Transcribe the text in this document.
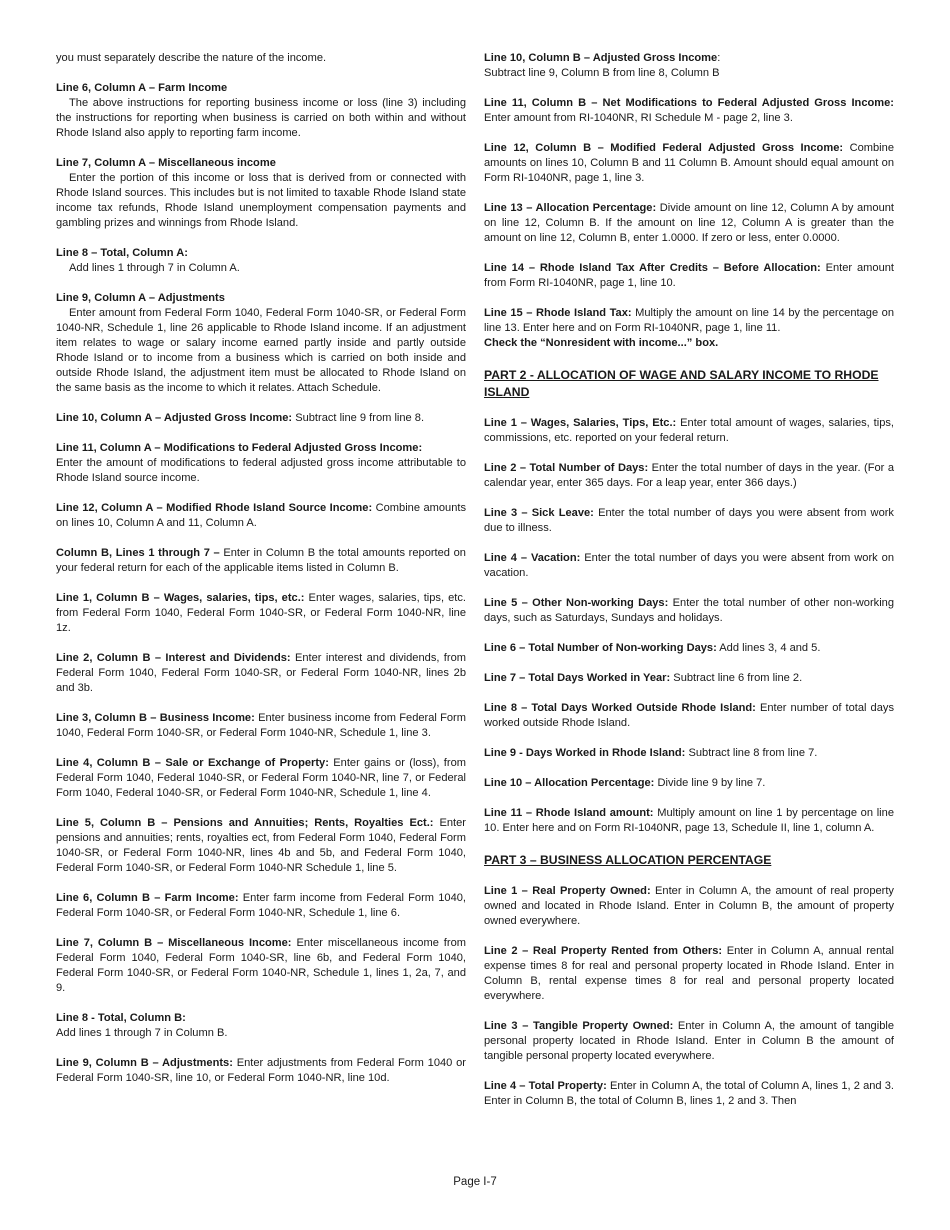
you must separately describe the nature of the income.

Line 6, Column A – Farm Income
The above instructions for reporting business income or loss (line 3) including the instructions for reporting when business is carried on both within and without Rhode Island also apply to reporting farm income.

Line 7, Column A – Miscellaneous income
Enter the portion of this income or loss that is derived from or connected with Rhode Island sources. This includes but is not limited to taxable Rhode Island state income tax refunds, Rhode Island unemployment compensation payments and gambling prizes and winnings from Rhode Island.

Line 8 – Total, Column A:
Add lines 1 through 7 in Column A.

Line 9, Column A – Adjustments
Enter amount from Federal Form 1040, Federal Form 1040-SR, or Federal Form 1040-NR, Schedule 1, line 26 applicable to Rhode Island income. If an adjustment item relates to wage or salary income earned partly inside and partly outside Rhode Island or to income from a business which is carried on both inside and outside Rhode Island, the adjustment item must be allocated to Rhode Island on the same basis as the income to which it relates. Attach Schedule.

Line 10, Column A – Adjusted Gross Income: Subtract line 9 from line 8.

Line 11, Column A – Modifications to Federal Adjusted Gross Income:
Enter the amount of modifications to federal adjusted gross income attributable to Rhode Island source income.

Line 12, Column A – Modified Rhode Island Source Income: Combine amounts on lines 10, Column A and 11, Column A.

Column B, Lines 1 through 7 – Enter in Column B the total amounts reported on your federal return for each of the applicable items listed in Column B.

Line 1, Column B – Wages, salaries, tips, etc.: Enter wages, salaries, tips, etc. from Federal Form 1040, Federal Form 1040-SR, or Federal Form 1040-NR, line 1z.

Line 2, Column B – Interest and Dividends: Enter interest and dividends, from Federal Form 1040, Federal Form 1040-SR, or Federal Form 1040-NR, lines 2b and 3b.

Line 3, Column B – Business Income: Enter business income from Federal Form 1040, Federal Form 1040-SR, or Federal Form 1040-NR, Schedule 1, line 3.

Line 4, Column B – Sale or Exchange of Property: Enter gains or (loss), from Federal Form 1040, Federal 1040-SR, or Federal Form 1040-NR, line 7, or Federal Form 1040, Federal 1040-SR, or Federal Form 1040-NR, Schedule 1, line 4.

Line 5, Column B – Pensions and Annuities; Rents, Royalties Ect.: Enter pensions and annuities; rents, royalties ect, from Federal Form 1040, Federal Form 1040-SR, or Federal Form 1040-NR, lines 4b and 5b, and Federal Form 1040, Federal Form 1040-SR, or Federal Form 1040-NR Schedule 1, line 5.

Line 6, Column B – Farm Income: Enter farm income from Federal Form 1040, Federal Form 1040-SR, or Federal Form 1040-NR, Schedule 1, line 6.

Line 7, Column B – Miscellaneous Income: Enter miscellaneous income from Federal Form 1040, Federal Form 1040-SR, line 6b, and Federal Form 1040, Federal Form 1040-SR, or Federal Form 1040-NR, Schedule 1, lines 1, 2a, 7, and 9.

Line 8 - Total, Column B:
Add lines 1 through 7 in Column B.

Line 9, Column B – Adjustments: Enter adjustments from Federal Form 1040 or Federal Form 1040-SR, line 10, or Federal Form 1040-NR, line 10d.

Line 10, Column B – Adjusted Gross Income:
Subtract line 9, Column B from line 8, Column B

Line 11, Column B – Net Modifications to Federal Adjusted Gross Income: Enter amount from RI-1040NR, RI Schedule M - page 2, line 3.

Line 12, Column B – Modified Federal Adjusted Gross Income: Combine amounts on lines 10, Column B and 11 Column B. Amount should equal amount on Form RI-1040NR, page 1, line 3.

Line 13 – Allocation Percentage: Divide amount on line 12, Column A by amount on line 12, Column B. If the amount on line 12, Column A is greater than the amount on line 12, Column B, enter 1.0000. If zero or less, enter 0.0000.

Line 14 – Rhode Island Tax After Credits – Before Allocation: Enter amount from Form RI-1040NR, page 1, line 10.

Line 15 – Rhode Island Tax: Multiply the amount on line 14 by the percentage on line 13. Enter here and on Form RI-1040NR, page 1, line 11.
Check the “Nonresident with income...” box.

PART 2 - ALLOCATION OF WAGE AND SALARY INCOME TO RHODE ISLAND

Line 1 – Wages, Salaries, Tips, Etc.: Enter total amount of wages, salaries, tips, commissions, etc. reported on your federal return.

Line 2 – Total Number of Days: Enter the total number of days in the year. (For a calendar year, enter 365 days. For a leap year, enter 366 days.)

Line 3 – Sick Leave: Enter the total number of days you were absent from work due to illness.

Line 4 – Vacation: Enter the total number of days you were absent from work on vacation.

Line 5 – Other Non-working Days: Enter the total number of other non-working days, such as Saturdays, Sundays and holidays.

Line 6 – Total Number of Non-working Days: Add lines 3, 4 and 5.

Line 7 – Total Days Worked in Year: Subtract line 6 from line 2.

Line 8 – Total Days Worked Outside Rhode Island: Enter number of total days worked outside Rhode Island.

Line 9 - Days Worked in Rhode Island: Subtract line 8 from line 7.

Line 10 – Allocation Percentage: Divide line 9 by line 7.

Line 11 – Rhode Island amount: Multiply amount on line 1 by percentage on line 10. Enter here and on Form RI-1040NR, page 13, Schedule II, line 1, column A.

PART 3 – BUSINESS ALLOCATION PERCENTAGE

Line 1 – Real Property Owned: Enter in Column A, the amount of real property owned and located in Rhode Island. Enter in Column B, the amount of property owned everywhere.

Line 2 – Real Property Rented from Others: Enter in Column A, annual rental expense times 8 for real and personal property located in Rhode Island. Enter in Column B, rental expense times 8 for real and personal property located everywhere.

Line 3 – Tangible Property Owned: Enter in Column A, the amount of tangible personal property located in Rhode Island. Enter in Column B the amount of tangible personal property located everywhere.

Line 4 – Total Property: Enter in Column A, the total of Column A, lines 1, 2 and 3. Enter in Column B, the total of Column B, lines 1, 2 and 3. Then

Page I-7
